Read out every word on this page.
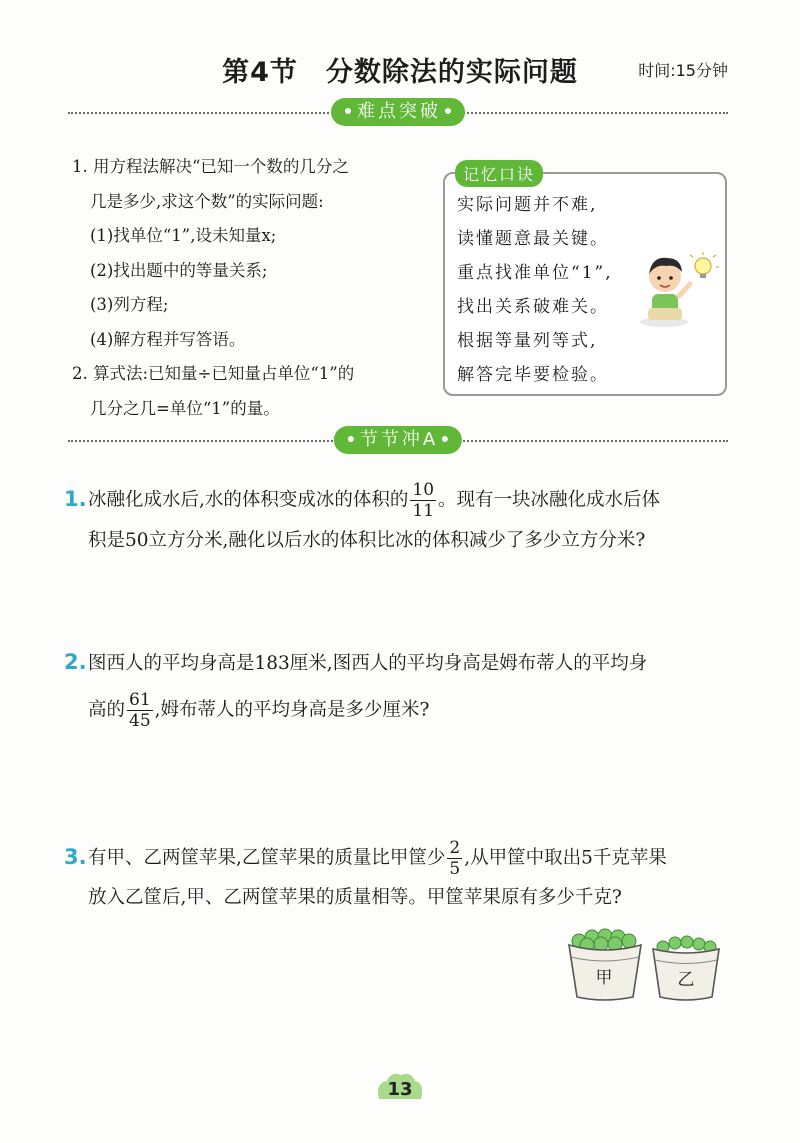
第4节 分数除法的实际问题	时间:15分钟
难点突破
1. 用方程法解决“已知一个数的几分之
几是多少,求这个数”的实际问题:
(1)找单位“1”,设未知量x;
(2)找出题中的等量关系;
(3)列方程;
(4)解方程并写答语。
2. 算式法:已知量÷已知量占单位“1”的
几分之几=单位“1”的量。
记忆口诀
实际问题并不难,
读懂题意最关键。
重点找准单位“1”,
找出关系破难关。
根据等量列等式,
解答完毕要检验。
节节冲A
1.冰融化成水后,水的体积变成冰的体积的 $\frac{10}{11}$ 。现有一块冰融化成水后体
积是50立方分米,融化以后水的体积比冰的体积减少了多少立方分米?
2.图西人的平均身高是183厘米,图西人的平均身高是姆布蒂人的平均身
高的 $\frac{61}{45}$ ,姆布蒂人的平均身高是多少厘米?
3.有甲、乙两筐苹果,乙筐苹果的质量比甲筐少 $\frac{2}{5}$ ,从甲筐中取出5千克苹果
放入乙筐后,甲、乙两筐苹果的质量相等。甲筐苹果原有多少千克?
甲	乙
13
